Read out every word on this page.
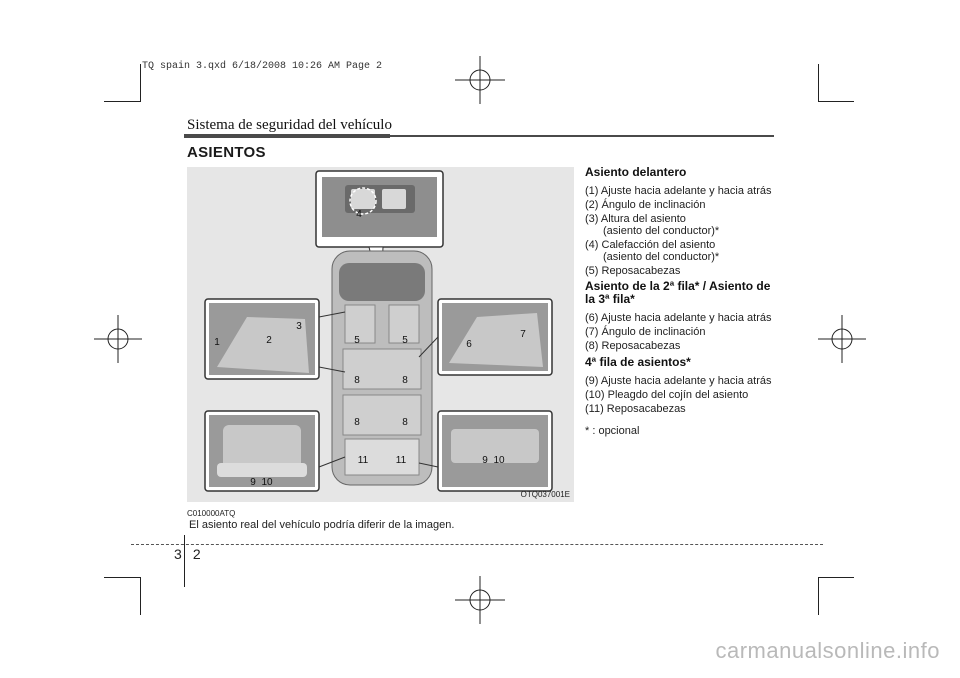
TQ spain 3.qxd 6/18/2008 10:26 AM Page 2
Sistema de seguridad del vehículo
ASIENTOS
4
1	2
3
5	5	6
7
8	8
8	8
9 10
9 10
11	11
OTQ037001E
C010000ATQ
El asiento real del vehículo podría diferir de la imagen.
Asiento delantero
(1) Ajuste hacia adelante y hacia atrás
(2) Ángulo de inclinación
(3) Altura del asiento
(asiento del conductor)*
(4) Calefacción del asiento
(asiento del conductor)*
(5) Reposacabezas
Asiento de la 2ª fila* / Asiento de la 3ª fila*
(6) Ajuste hacia adelante y hacia atrás
(7) Ángulo de inclinación
(8) Reposacabezas
4ª fila de asientos*
(9) Ajuste hacia adelante y hacia atrás
(10) Pleagdo del cojín del asiento
(11) Reposacabezas
* : opcional
3 2
carmanualsonline.info
